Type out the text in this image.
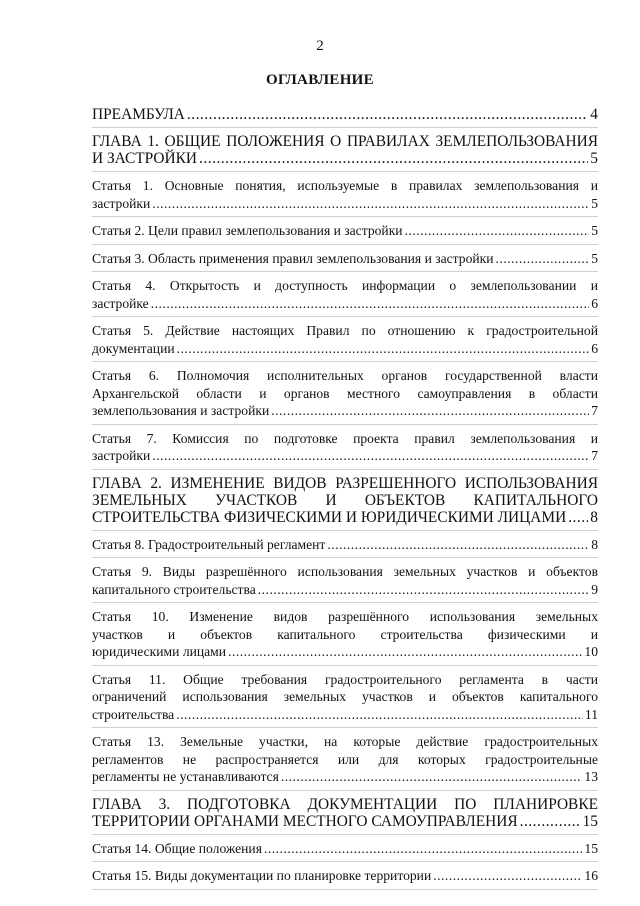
2
ОГЛАВЛЕНИЕ
ПРЕАМБУЛА .....	4
ГЛАВА 1. ОБЩИЕ ПОЛОЖЕНИЯ О ПРАВИЛАХ ЗЕМЛЕПОЛЬЗОВАНИЯ
И ЗАСТРОЙКИ .....	5
Статья 1. Основные понятия, используемые в правилах землепользования и
застройки .....	5
Статья 2. Цели правил землепользования и застройки .....	5
Статья 3. Область применения правил землепользования и застройки .....	5
Статья 4. Открытость и доступность информации о землепользовании и
застройке .....	6
Статья 5. Действие настоящих Правил по отношению к градостроительной
документации .....	6
Статья 6. Полномочия исполнительных органов государственной власти
Архангельской области и органов местного самоуправления в области
землепользования и застройки .....	7
Статья 7. Комиссия по подготовке проекта правил землепользования и
застройки .....	7
ГЛАВА 2. ИЗМЕНЕНИЕ ВИДОВ РАЗРЕШЕННОГО ИСПОЛЬЗОВАНИЯ
ЗЕМЕЛЬНЫХ УЧАСТКОВ И ОБЪЕКТОВ КАПИТАЛЬНОГО
СТРОИТЕЛЬСТВА ФИЗИЧЕСКИМИ И ЮРИДИЧЕСКИМИ ЛИЦАМИ ..... 8
Статья 8. Градостроительный регламент .....	8
Статья 9. Виды разрешённого использования земельных участков и объектов
капитального строительства .....	9
Статья 10. Изменение видов разрешённого использования земельных
участков и объектов капитального строительства физическими и
юридическими лицами .....	10
Статья 11. Общие требования градостроительного регламента в части
ограничений использования земельных участков и объектов капитального
строительства .....	11
Статья 13. Земельные участки, на которые действие градостроительных
регламентов не распространяется или для которых градостроительные
регламенты не устанавливаются .....	13
ГЛАВА 3. ПОДГОТОВКА ДОКУМЕНТАЦИИ ПО ПЛАНИРОВКЕ
ТЕРРИТОРИИ ОРГАНАМИ МЕСТНОГО САМОУПРАВЛЕНИЯ .....	15
Статья 14. Общие положения .....	15
Статья 15. Виды документации по планировке территории .....	16
